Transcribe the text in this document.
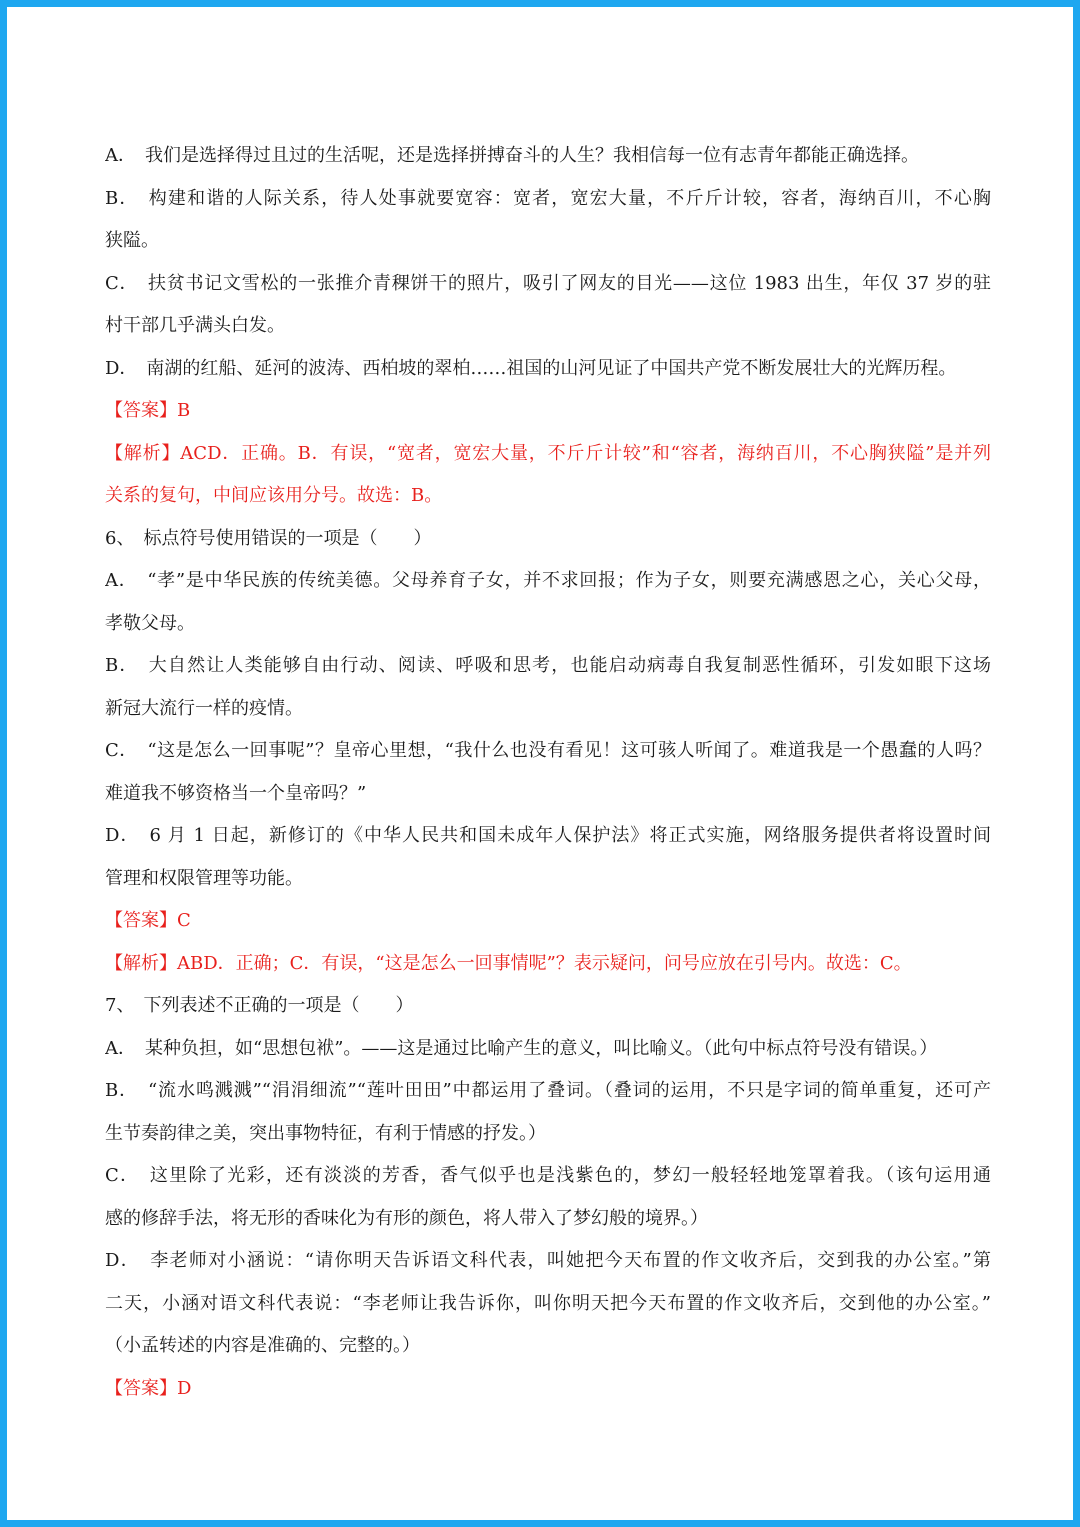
A．　我们是选择得过且过的生活呢，还是选择拼搏奋斗的人生？我相信每一位有志青年都能正确选择。
B．　构建和谐的人际关系，待人处事就要宽容：宽者，宽宏大量，不斤斤计较，容者，海纳百川，不心胸
狭隘。
C．　扶贫书记文雪松的一张推介青稞饼干的照片，吸引了网友的目光——这位 1983 出生，年仅 37 岁的驻
村干部几乎满头白发。
D．　南湖的红船、延河的波涛、西柏坡的翠柏……祖国的山河见证了中国共产党不断发展壮大的光辉历程。
【答案】B
【解析】ACD．正确。B．有误，“宽者，宽宏大量，不斤斤计较”和“容者，海纳百川，不心胸狭隘”是并列
关系的复句，中间应该用分号。故选：B。
6、　标点符号使用错误的一项是（　　）
A．　“孝”是中华民族的传统美德。父母养育子女，并不求回报；作为子女，则要充满感恩之心，关心父母，
孝敬父母。
B．　大自然让人类能够自由行动、阅读、呼吸和思考，也能启动病毒自我复制恶性循环，引发如眼下这场
新冠大流行一样的疫情。
C．　“这是怎么一回事呢”？皇帝心里想，“我什么也没有看见！这可骇人听闻了。难道我是一个愚蠢的人吗？
难道我不够资格当一个皇帝吗？”
D．　6 月 1 日起，新修订的《中华人民共和国未成年人保护法》将正式实施，网络服务提供者将设置时间
管理和权限管理等功能。
【答案】C
【解析】ABD．正确；C．有误，“这是怎么一回事情呢”？表示疑问，问号应放在引号内。故选：C。
7、　下列表述不正确的一项是（　　）
A．　某种负担，如“思想包袱”。——这是通过比喻产生的意义，叫比喻义。（此句中标点符号没有错误。）
B．　“流水鸣溅溅”“涓涓细流”“莲叶田田”中都运用了叠词。（叠词的运用，不只是字词的简单重复，还可产
生节奏韵律之美，突出事物特征，有利于情感的抒发。）
C．　这里除了光彩，还有淡淡的芳香，香气似乎也是浅紫色的，梦幻一般轻轻地笼罩着我。（该句运用通
感的修辞手法，将无形的香味化为有形的颜色，将人带入了梦幻般的境界。）
D．　李老师对小涵说：“请你明天告诉语文科代表，叫她把今天布置的作文收齐后，交到我的办公室。”第
二天，小涵对语文科代表说：“李老师让我告诉你，叫你明天把今天布置的作文收齐后，交到他的办公室。”
（小孟转述的内容是准确的、完整的。）
【答案】D
